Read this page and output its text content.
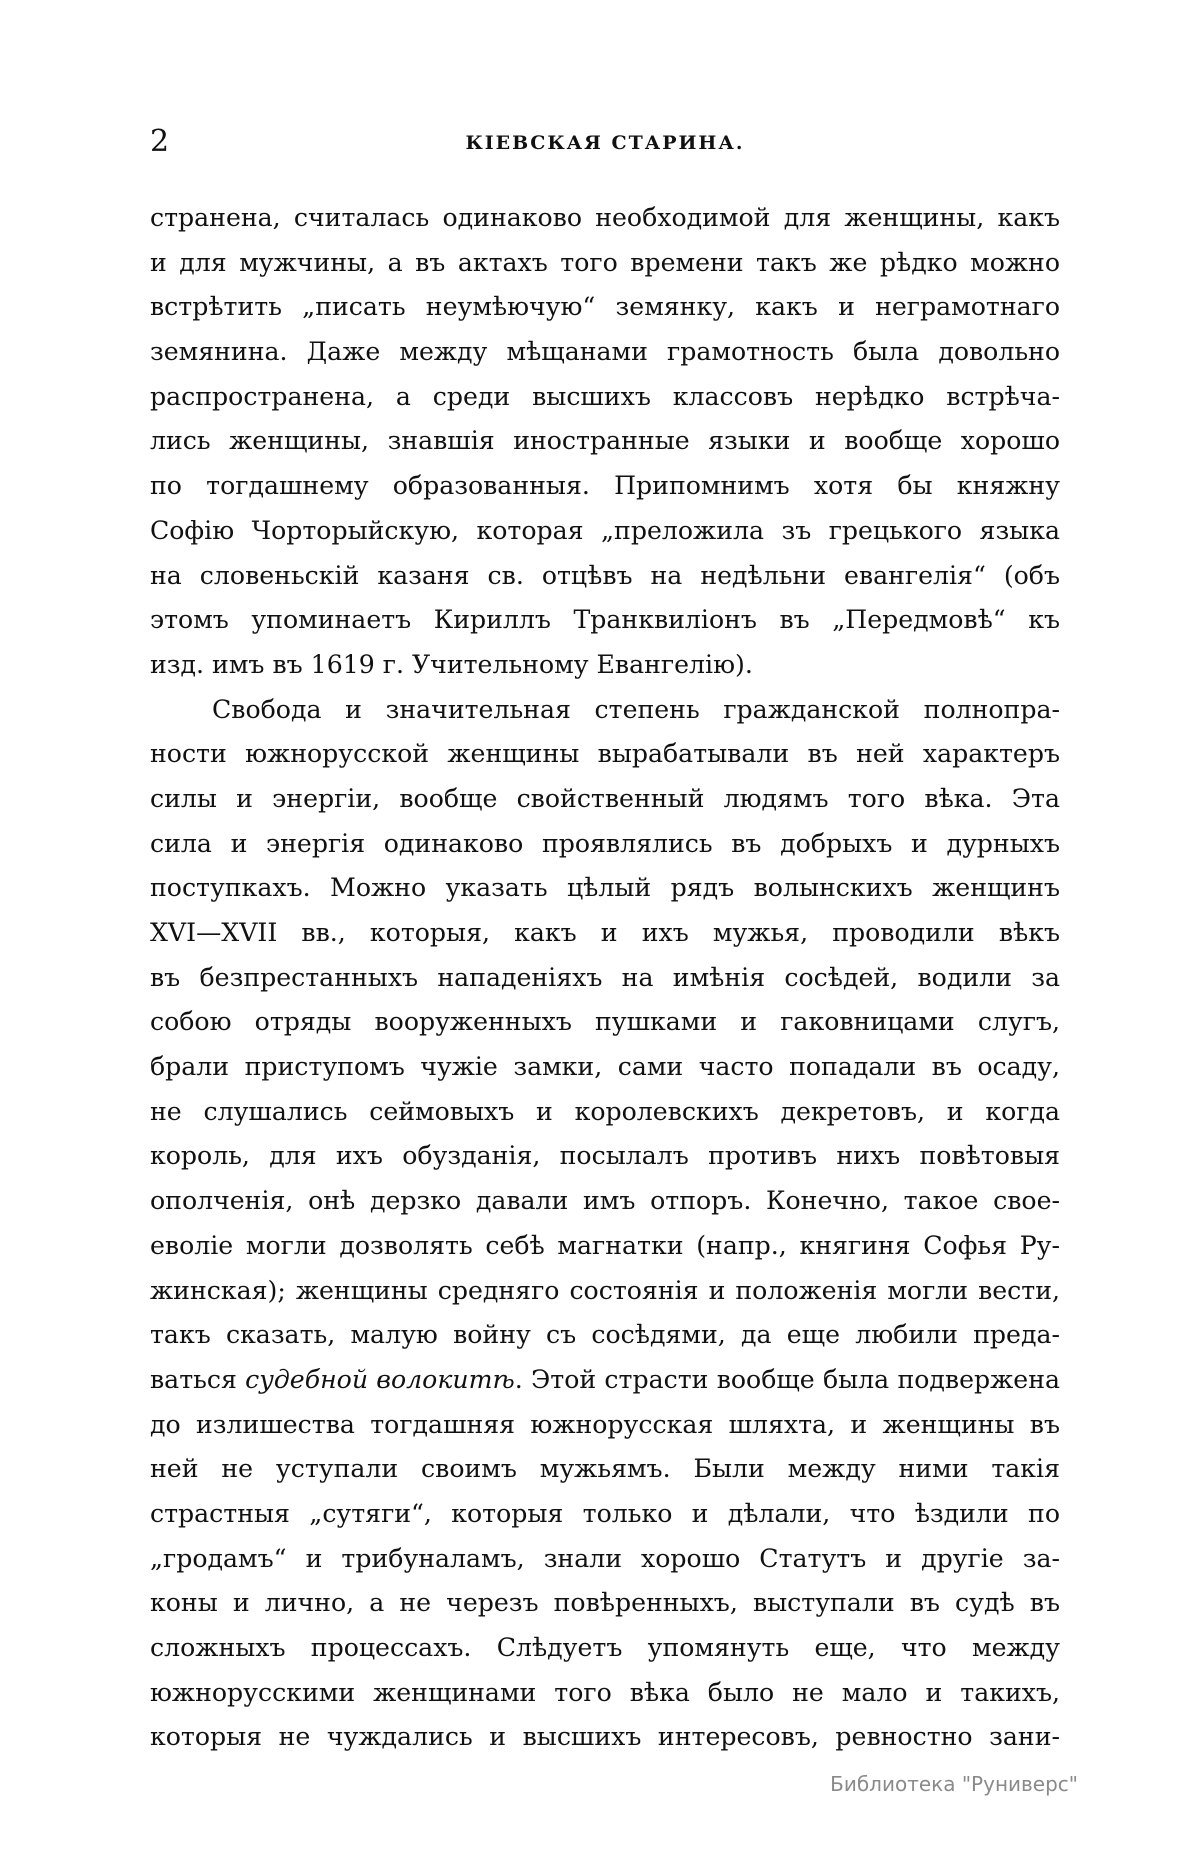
2	КІЕВСКАЯ СТАРИНА.
странена, считалась одинаково необходимой для женщины, какъ
и для мужчины, а въ актахъ того времени такъ же рѣдко можно
встрѣтить „писать неумѣючую“ земянку, какъ и неграмотнаго
земянина. Даже между мѣщанами грамотность была довольно
распространена, а среди высшихъ классовъ нерѣдко встрѣча-
лись женщины, знавшія иностранные языки и вообще хорошо
по тогдашнему образованныя. Припомнимъ хотя бы княжну
Софію Чорторыйскую, которая „преложила зъ грецького языка
на словеньскій казаня св. отцѣвъ на недѣльни евангелія“ (объ
этомъ упоминаетъ Кириллъ Транквиліонъ въ „Передмовѣ“ къ
изд. имъ въ 1619 г. Учительному Евангелію).
Свобода и значительная степень гражданской полнопра-
ности южнорусской женщины вырабатывали въ ней характеръ
силы и энергіи, вообще свойственный людямъ того вѣка. Эта
сила и энергія одинаково проявлялись въ добрыхъ и дурныхъ
поступкахъ. Можно указать цѣлый рядъ волынскихъ женщинъ
XVI—XVII вв., которыя, какъ и ихъ мужья, проводили вѣкъ
въ безпрестанныхъ нападеніяхъ на имѣнія сосѣдей, водили за
собою отряды вооруженныхъ пушками и гаковницами слугъ,
брали приступомъ чужіе замки, сами часто попадали въ осаду,
не слушались сеймовыхъ и королевскихъ декретовъ, и когда
король, для ихъ обузданія, посылалъ противъ нихъ повѣтовыя
ополченія, онѣ дерзко давали имъ отпоръ. Конечно, такое свое-
еволіе могли дозволять себѣ магнатки (напр., княгиня Софья Ру-
жинская); женщины средняго состоянія и положенія могли вести,
такъ сказать, малую войну съ сосѣдями, да еще любили преда-
ваться судебной волокитѣ. Этой страсти вообще была подвержена
до излишества тогдашняя южнорусская шляхта, и женщины въ
ней не уступали своимъ мужьямъ. Были между ними такія
страстныя „сутяги“, которыя только и дѣлали, что ѣздили по
„гродамъ“ и трибуналамъ, знали хорошо Статутъ и другіе за-
коны и лично, а не черезъ повѣренныхъ, выступали въ судѣ въ
сложныхъ процессахъ. Слѣдуетъ упомянуть еще, что между
южнорусскими женщинами того вѣка было не мало и такихъ,
которыя не чуждались и высшихъ интересовъ, ревностно зани-
Библиотека "Руниверс"
